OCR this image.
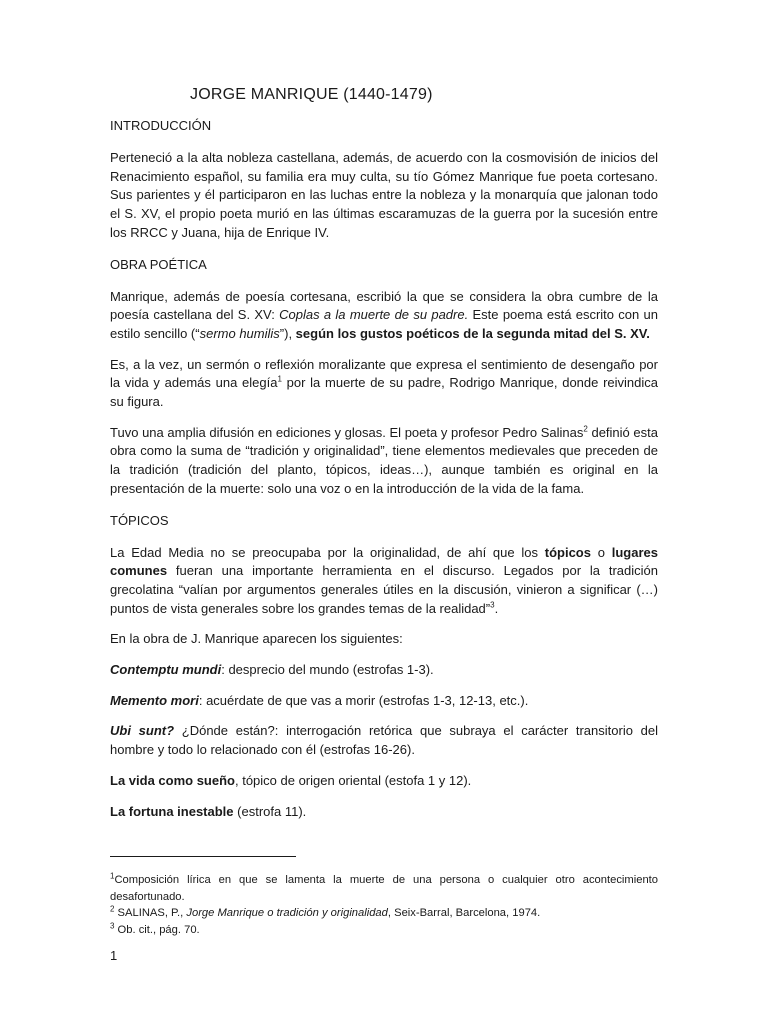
JORGE MANRIQUE (1440-1479)
INTRODUCCIÓN

Perteneció a la alta nobleza castellana, además, de acuerdo con la cosmovisión de inicios del Renacimiento español, su familia era muy culta, su tío Gómez Manrique fue poeta cortesano. Sus parientes y él participaron en las luchas entre la nobleza y la monarquía que jalonan todo el S. XV, el propio poeta murió en las últimas escaramuzas de la guerra por la sucesión entre los RRCC y Juana, hija de Enrique IV.

OBRA POÉTICA

Manrique, además de poesía cortesana, escribió la que se considera la obra cumbre de la poesía castellana del S. XV: Coplas a la muerte de su padre. Este poema está escrito con un estilo sencillo (“sermo humilis”), según los gustos poéticos de la segunda mitad del S. XV.

Es, a la vez, un sermón o reflexión moralizante que expresa el sentimiento de desengaño por la vida y además una elegía$^1$ por la muerte de su padre, Rodrigo Manrique, donde reivindica su figura.

Tuvo una amplia difusión en ediciones y glosas. El poeta y profesor Pedro Salinas$^2$ definió esta obra como la suma de “tradición y originalidad”, tiene elementos medievales que preceden de la tradición (tradición del planto, tópicos, ideas…), aunque también es original en la presentación de la muerte: solo una voz o en la introducción de la vida de la fama.

TÓPICOS

La Edad Media no se preocupaba por la originalidad, de ahí que los tópicos o lugares comunes fueran una importante herramienta en el discurso. Legados por la tradición grecolatina “valían por argumentos generales útiles en la discusión, vinieron a significar (…) puntos de vista generales sobre los grandes temas de la realidad”$^3$.

En la obra de J. Manrique aparecen los siguientes:

Contemptu mundi: desprecio del mundo (estrofas 1-3).

Memento mori: acuérdate de que vas a morir (estrofas 1-3, 12-13, etc.).

Ubi sunt? ¿Dónde están?: interrogación retórica que subraya el carácter transitorio del hombre y todo lo relacionado con él (estrofas 16-26).

La vida como sueño, tópico de origen oriental (estofa 1 y 12).

La fortuna inestable (estrofa 11).

$^1$Composición lírica en que se lamenta la muerte de una persona o cualquier otro acontecimiento desafortunado.
$^2$ SALINAS, P., Jorge Manrique o tradición y originalidad, Seix-Barral, Barcelona, 1974.
$^3$ Ob. cit., pág. 70.
1
